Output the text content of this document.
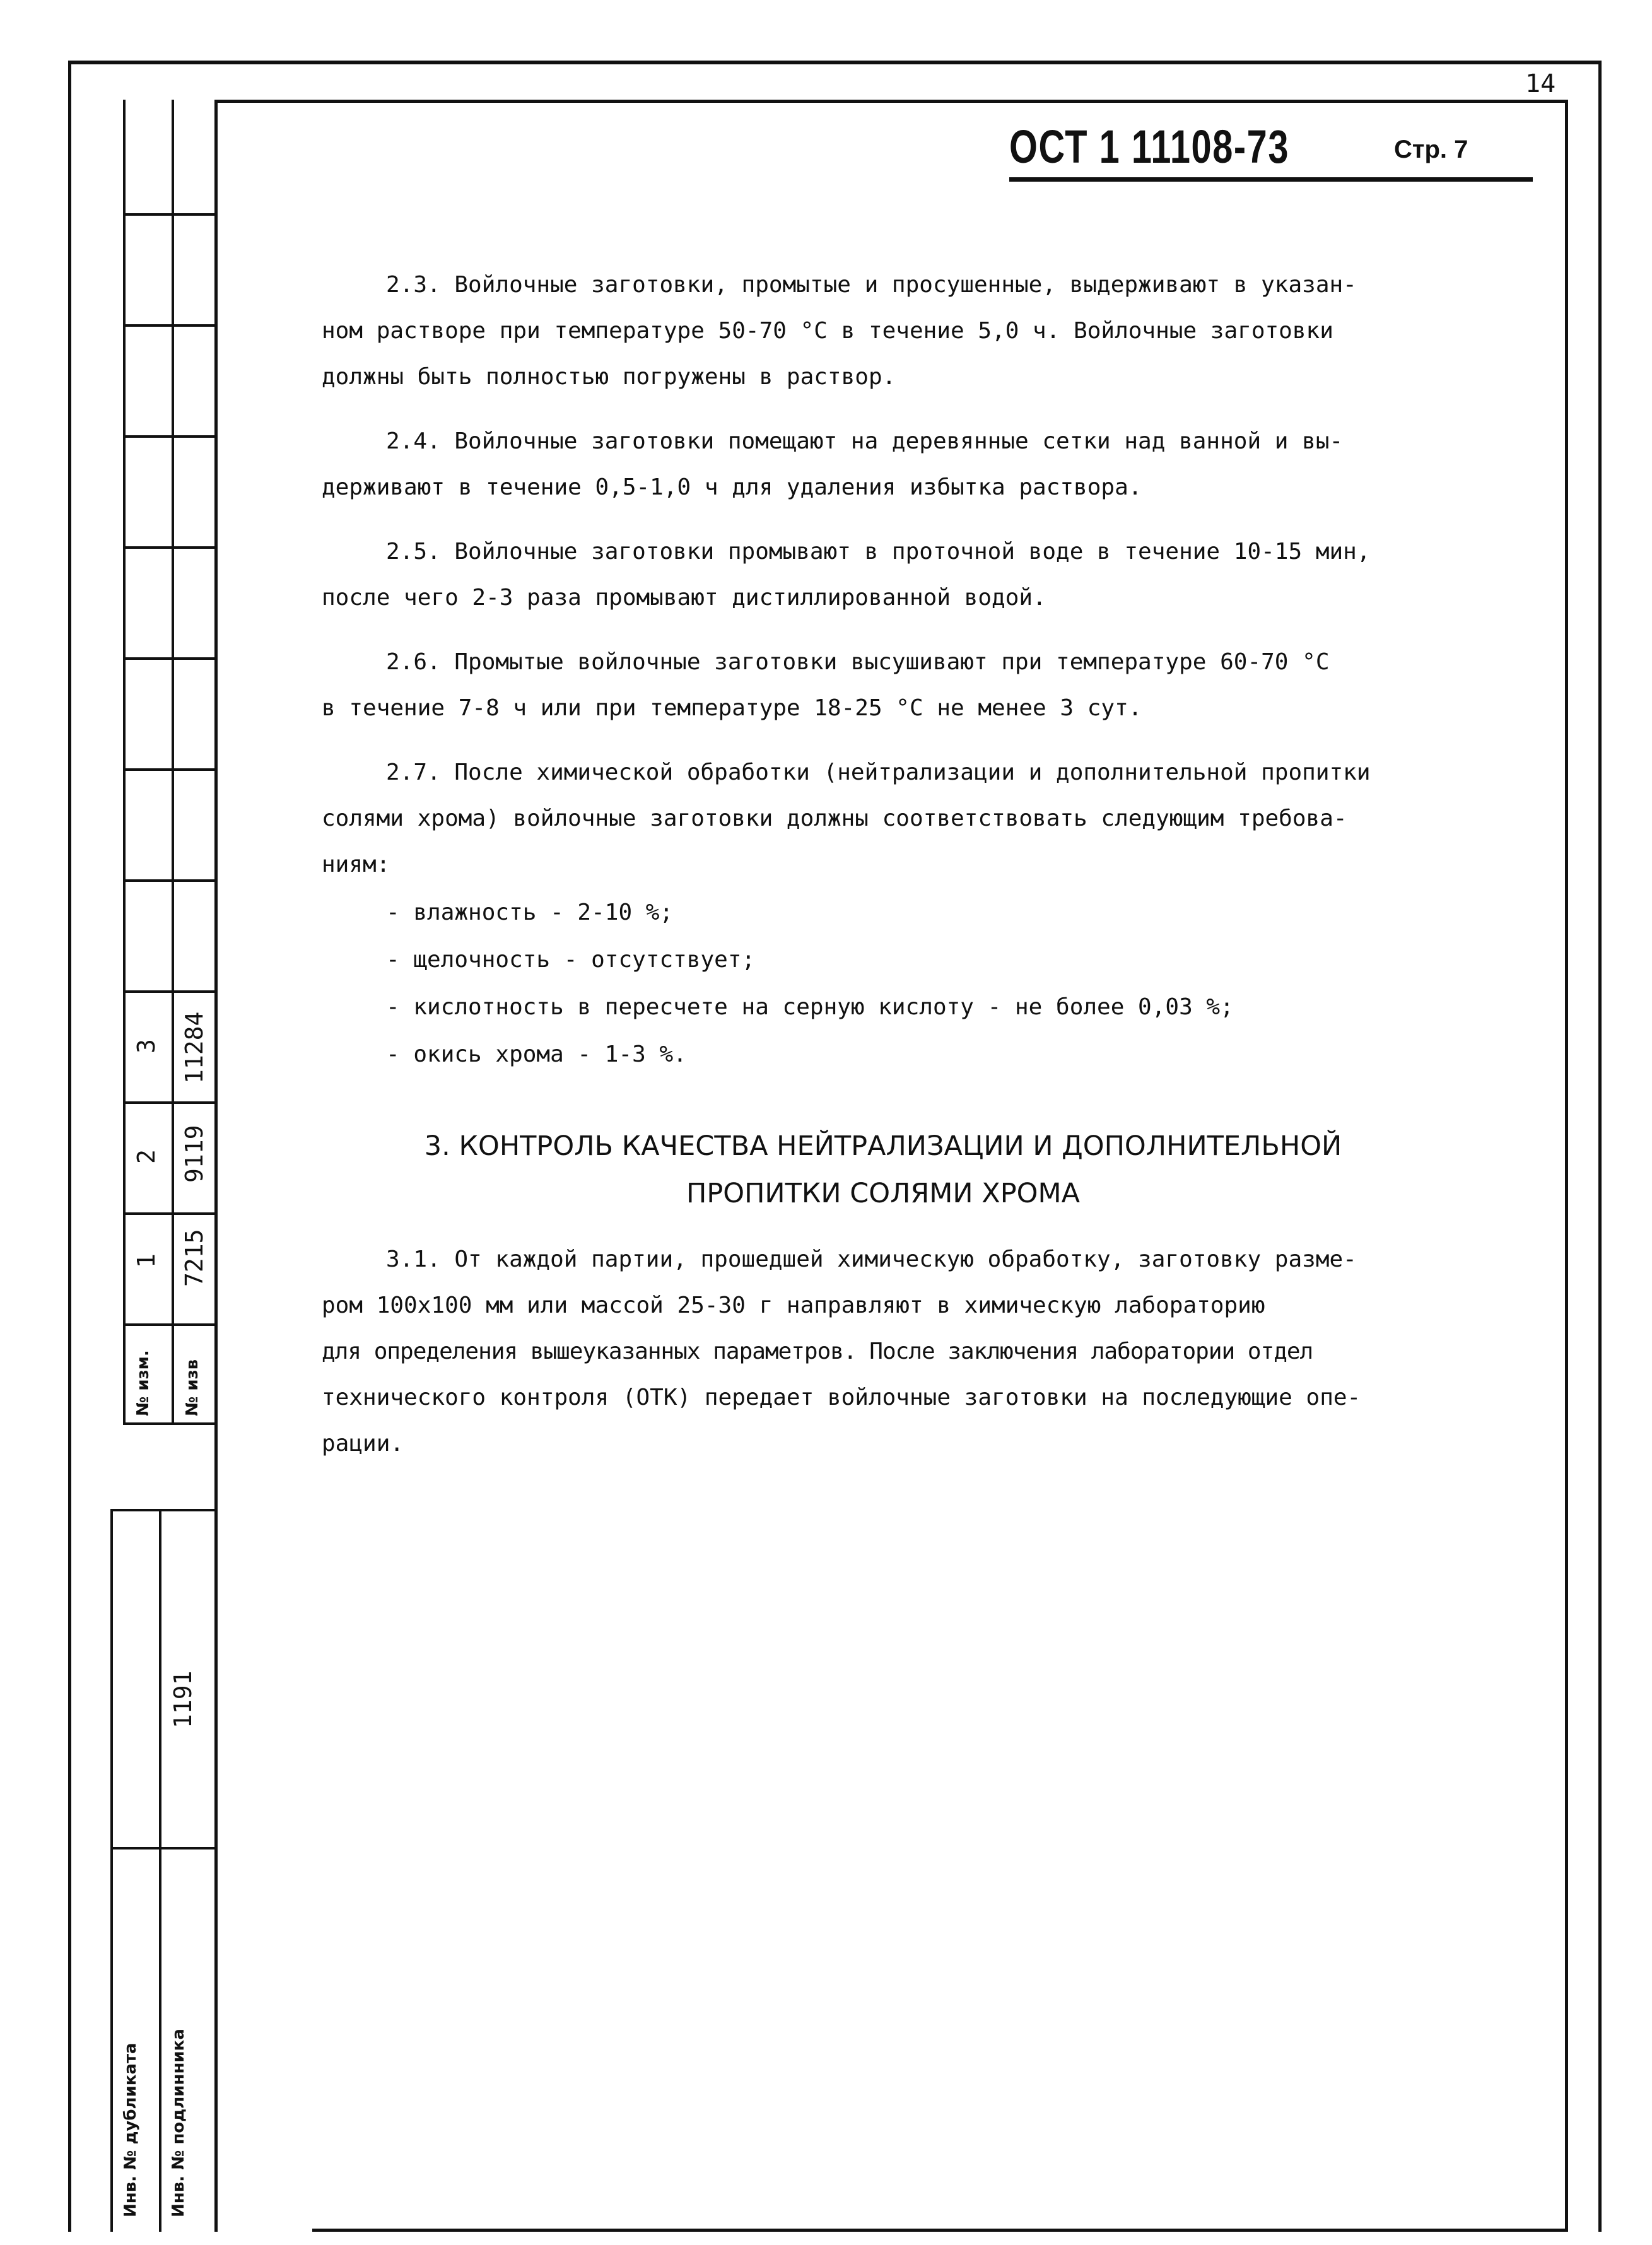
14
ОСТ 1 11108-73	Стр. 7
2.3. Войлочные заготовки, промытые и просушенные, выдерживают в указан-
ном растворе при температуре 50-70 °С в течение 5,0 ч. Войлочные заготовки
должны быть полностью погружены в раствор.
2.4. Войлочные заготовки помещают на деревянные сетки над ванной и вы-
держивают в течение 0,5-1,0 ч для удаления избытка раствора.
2.5. Войлочные заготовки промывают в проточной воде в течение 10-15 мин,
после чего 2-3 раза промывают дистиллированной водой.
2.6. Промытые войлочные заготовки высушивают при температуре 60-70 °С
в течение 7-8 ч или при температуре 18-25 °С не менее 3 сут.
2.7. После химической обработки (нейтрализации и дополнительной пропитки
солями хрома) войлочные заготовки должны соответствовать следующим требова-
ниям:
- влажность - 2-10 %;
- щелочность - отсутствует;
- кислотность в пересчете на серную кислоту - не более 0,03 %;
- окись хрома - 1-3 %.
3. КОНТРОЛЬ КАЧЕСТВА НЕЙТРАЛИЗАЦИИ И ДОПОЛНИТЕЛЬНОЙ
ПРОПИТКИ СОЛЯМИ ХРОМА
3.1. От каждой партии, прошедшей химическую обработку, заготовку разме-
ром 100х100 мм или массой 25-30 г направляют в химическую лабораторию
для определения вышеуказанных параметров. После заключения лаборатории отдел
технического контроля (ОТК) передает войлочные заготовки на последующие опе-
рации.
№ изм. № изв
1 7215
2 9119
3 11284
Инв. № дубликата Инв. № подлинника
1191
